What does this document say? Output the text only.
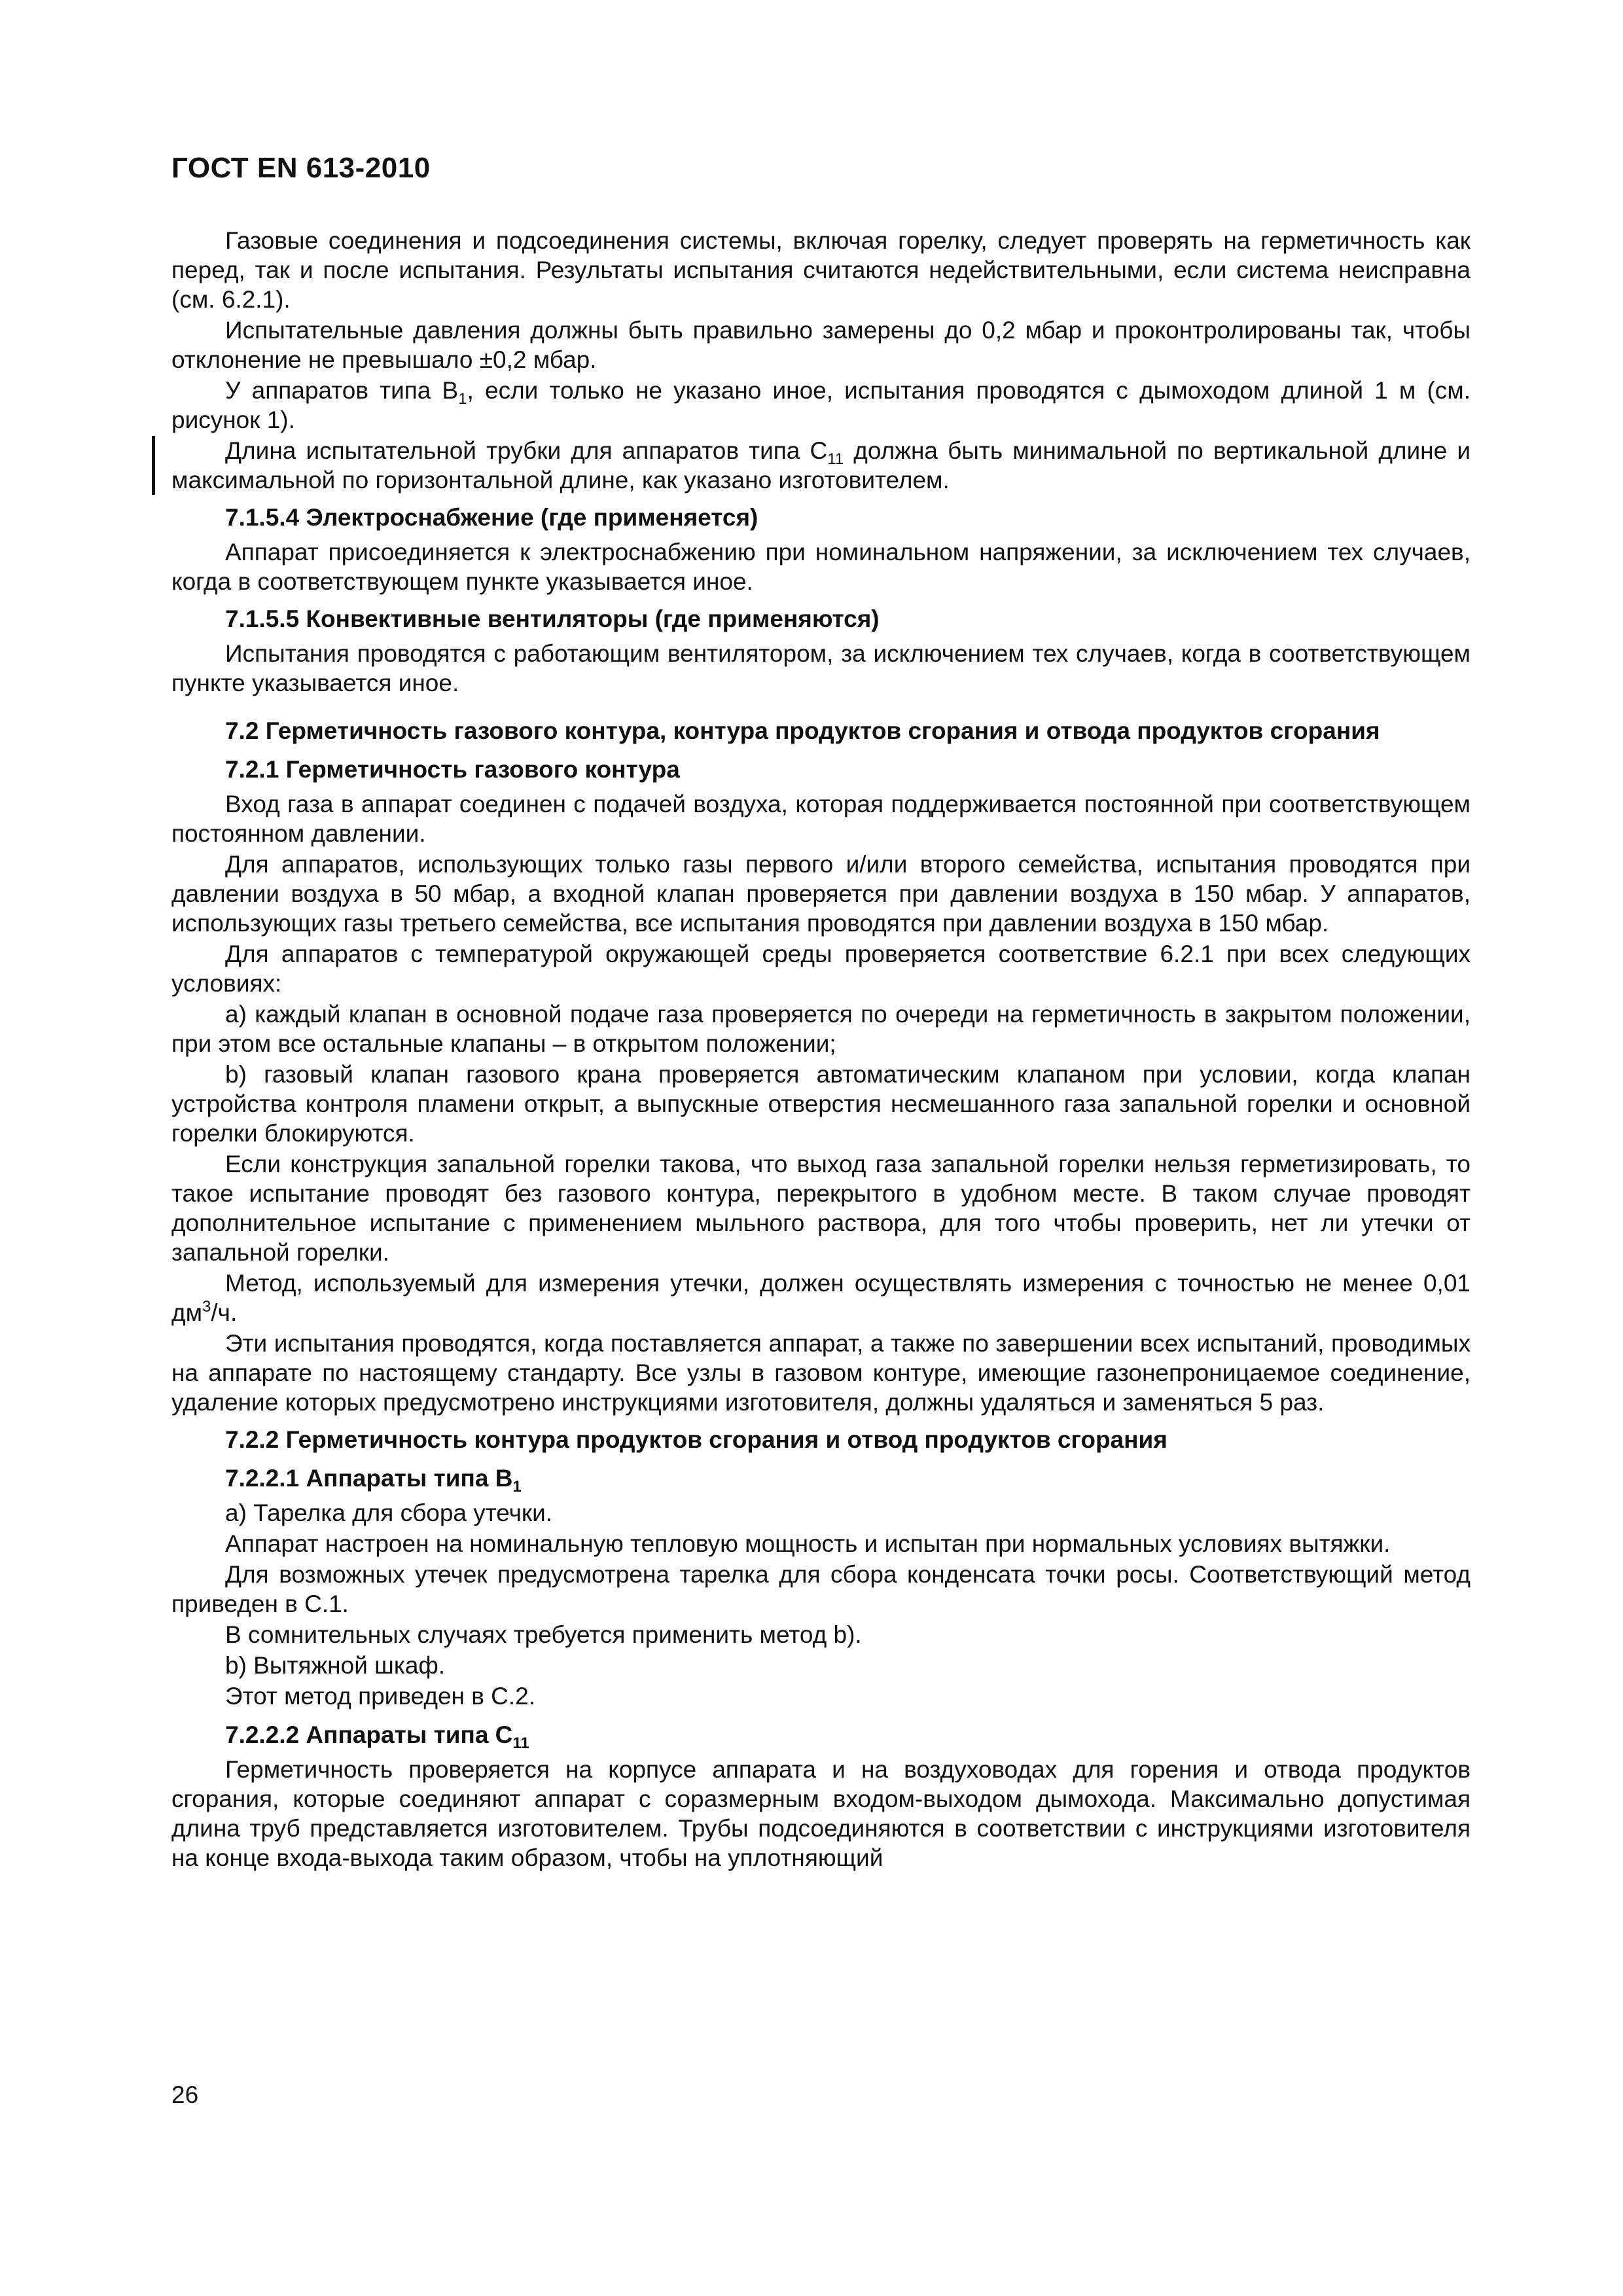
ГОСТ EN 613-2010

Газовые соединения и подсоединения системы, включая горелку, следует проверять на герметичность как перед, так и после испытания. Результаты испытания считаются недействительными, если система неисправна (см. 6.2.1).

Испытательные давления должны быть правильно замерены до 0,2 мбар и проконтролированы так, чтобы отклонение не превышало ±0,2 мбар.

У аппаратов типа $В_1$, если только не указано иное, испытания проводятся с дымоходом длиной 1 м (см. рисунок 1).

Длина испытательной трубки для аппаратов типа $С_{11}$ должна быть минимальной по вертикальной длине и максимальной по горизонтальной длине, как указано изготовителем.

7.1.5.4 Электроснабжение (где применяется)

Аппарат присоединяется к электроснабжению при номинальном напряжении, за исключением тех случаев, когда в соответствующем пункте указывается иное.

7.1.5.5 Конвективные вентиляторы (где применяются)

Испытания проводятся с работающим вентилятором, за исключением тех случаев, когда в соответствующем пункте указывается иное.

7.2 Герметичность газового контура, контура продуктов сгорания и отвода продуктов сгорания
7.2.1 Герметичность газового контура

Вход газа в аппарат соединен с подачей воздуха, которая поддерживается постоянной при соответствующем постоянном давлении.

Для аппаратов, использующих только газы первого и/или второго семейства, испытания проводятся при давлении воздуха в 50 мбар, а входной клапан проверяется при давлении воздуха в 150 мбар. У аппаратов, использующих газы третьего семейства, все испытания проводятся при давлении воздуха в 150 мбар.

Для аппаратов с температурой окружающей среды проверяется соответствие 6.2.1 при всех следующих условиях:

a) каждый клапан в основной подаче газа проверяется по очереди на герметичность в закрытом положении, при этом все остальные клапаны – в открытом положении;

b) газовый клапан газового крана проверяется автоматическим клапаном при условии, когда клапан устройства контроля пламени открыт, а выпускные отверстия несмешанного газа запальной горелки и основной горелки блокируются.

Если конструкция запальной горелки такова, что выход газа запальной горелки нельзя герметизировать, то такое испытание проводят без газового контура, перекрытого в удобном месте. В таком случае проводят дополнительное испытание с применением мыльного раствора, для того чтобы проверить, нет ли утечки от запальной горелки.

Метод, используемый для измерения утечки, должен осуществлять измерения с точностью не менее 0,01 $дм^3/ч$.

Эти испытания проводятся, когда поставляется аппарат, а также по завершении всех испытаний, проводимых на аппарате по настоящему стандарту. Все узлы в газовом контуре, имеющие газонепроницаемое соединение, удаление которых предусмотрено инструкциями изготовителя, должны удаляться и заменяться 5 раз.

7.2.2 Герметичность контура продуктов сгорания и отвод продуктов сгорания
7.2.2.1 Аппараты типа $В_1$

a) Тарелка для сбора утечки.

Аппарат настроен на номинальную тепловую мощность и испытан при нормальных условиях вытяжки.

Для возможных утечек предусмотрена тарелка для сбора конденсата точки росы. Соответствующий метод приведен в С.1.

В сомнительных случаях требуется применить метод b).

b) Вытяжной шкаф.

Этот метод приведен в С.2.

7.2.2.2 Аппараты типа $С_{11}$

Герметичность проверяется на корпусе аппарата и на воздуховодах для горения и отвода продуктов сгорания, которые соединяют аппарат с соразмерным входом-выходом дымохода. Максимально допустимая длина труб представляется изготовителем. Трубы подсоединяются в соответствии с инструкциями изготовителя на конце входа-выхода таким образом, чтобы на уплотняющий

26
